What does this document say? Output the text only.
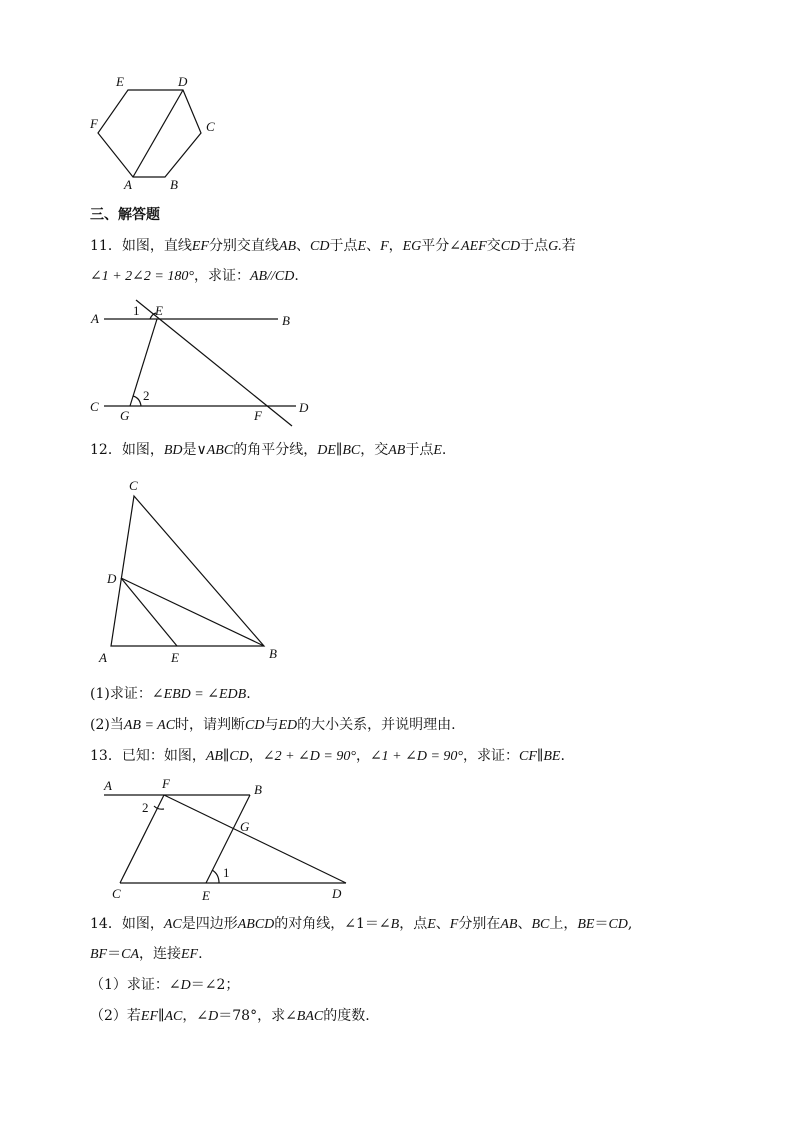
E	D
F	C
A	B
三、解答题
11．如图，直线EF分别交直线AB、CD于点E、F，EG平分∠AEF交CD于点G.若
∠1 + 2∠2 = 180°，求证：AB//CD.
A
1 E
B
2
C
G	F
D
12．如图，BD是∨ABC的角平分线，DE∥BC，交AB于点E.
C
D
A	E	B
(1)求证：∠EBD = ∠EDB.
(2)当AB = AC时，请判断CD与ED的大小关系，并说明理由.
13．已知：如图，AB∥CD，∠2 + ∠D = 90°，∠1 + ∠D = 90°，求证：CF∥BE.
A	F	B
2
G
1
C	E	D
14．如图，AC是四边形ABCD的对角线，∠1＝∠B，点E、F分别在AB、BC上，BE＝CD,
BF＝CA，连接EF.
（1）求证：∠D＝∠2；
（2）若EF∥AC，∠D＝78°，求∠BAC的度数.
